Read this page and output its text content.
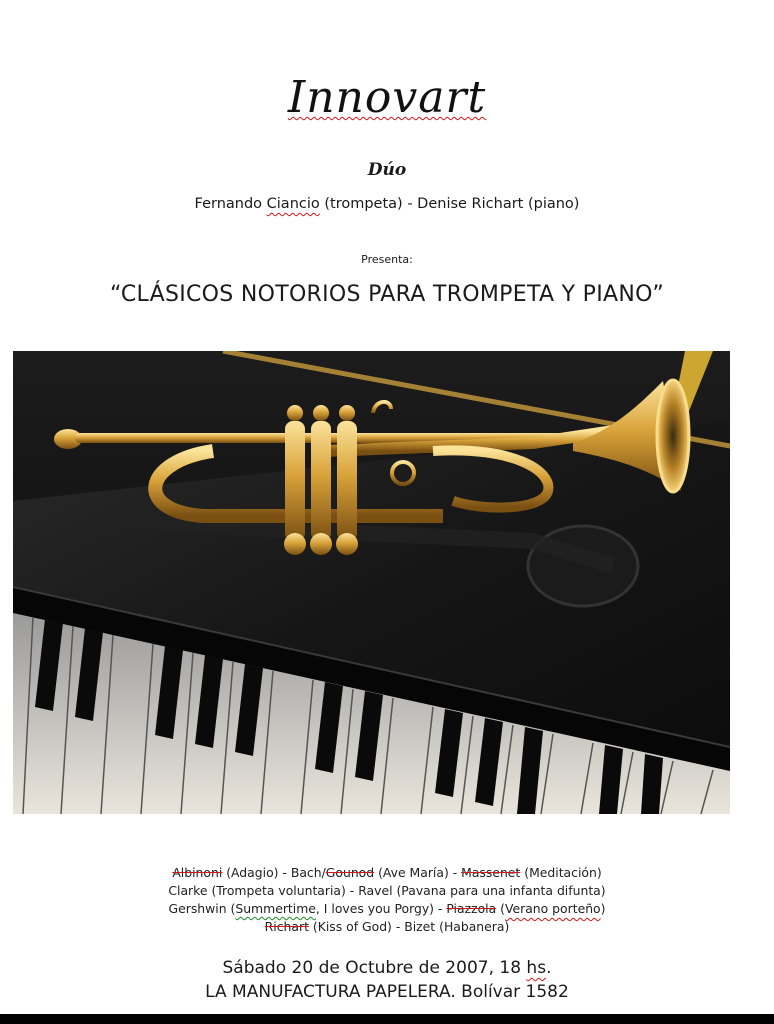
Innovart
Dúo
Fernando Ciancio (trompeta) - Denise Richart (piano)
Presenta:
“CLÁSICOS NOTORIOS PARA TROMPETA Y PIANO”
Albinoni (Adagio) - Bach/Gounod (Ave María) - Massenet (Meditación)
Clarke (Trompeta voluntaria) - Ravel (Pavana para una infanta difunta)
Gershwin (Summertime, I loves you Porgy) - Piazzola (Verano porteño)
Richart (Kiss of God) - Bizet (Habanera)
Sábado 20 de Octubre de 2007, 18 hs.
LA MANUFACTURA PAPELERA. Bolívar 1582
